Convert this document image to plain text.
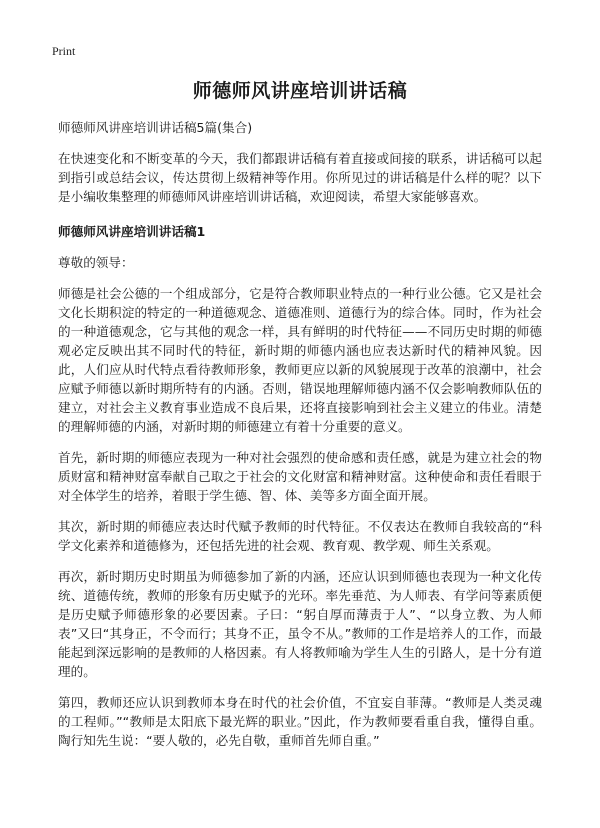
Print
师德师风讲座培训讲话稿
师德师风讲座培训讲话稿5篇(集合)

在快速变化和不断变革的今天，我们都跟讲话稿有着直接或间接的联系，讲话稿可以起到指引或总结会议，传达贯彻上级精神等作用。你所见过的讲话稿是什么样的呢？以下是小编收集整理的师德师风讲座培训讲话稿，欢迎阅读，希望大家能够喜欢。

师德师风讲座培训讲话稿1

尊敬的领导：

师德是社会公德的一个组成部分，它是符合教师职业特点的一种行业公德。它又是社会文化长期积淀的特定的一种道德观念、道德准则、道德行为的综合体。同时，作为社会的一种道德观念，它与其他的观念一样，具有鲜明的时代特征——不同历史时期的师德观必定反映出其不同时代的特征，新时期的师德内涵也应表达新时代的精神风貌。因此，人们应从时代特点看待教师形象，教师更应以新的风貌展现于改革的浪潮中，社会应赋予师德以新时期所特有的内涵。否则，错误地理解师德内涵不仅会影响教师队伍的建立，对社会主义教育事业造成不良后果，还将直接影响到社会主义建立的伟业。清楚的理解师德的内涵，对新时期的师德建立有着十分重要的意义。

首先，新时期的师德应表现为一种对社会强烈的使命感和责任感，就是为建立社会的物质财富和精神财富奉献自己取之于社会的文化财富和精神财富。这种使命和责任看眼于对全体学生的培养，着眼于学生德、智、体、美等多方面全面开展。

其次，新时期的师德应表达时代赋予教师的时代特征。不仅表达在教师自我较高的“科学文化素养和道德修为，还包括先进的社会观、教育观、教学观、师生关系观。

再次，新时期历史时期虽为师德参加了新的内涵，还应认识到师德也表现为一种文化传统、道德传统，教师的形象有历史赋予的光环。率先垂范、为人师表、有学问等素质便是历史赋予师德形象的必要因素。子曰：“躬自厚而薄责于人”、“以身立教、为人师表”又曰“其身正，不令而行；其身不正，虽令不从。”教师的工作是培养人的工作，而最能起到深远影响的是教师的人格因素。有人将教师喻为学生人生的引路人，是十分有道理的。

第四，教师还应认识到教师本身在时代的社会价值，不宜妄自菲薄。“教师是人类灵魂的工程师。”“教师是太阳底下最光辉的职业。”因此，作为教师要看重自我，懂得自重。陶行知先生说：“要人敬的，必先自敬，重师首先师自重。”
